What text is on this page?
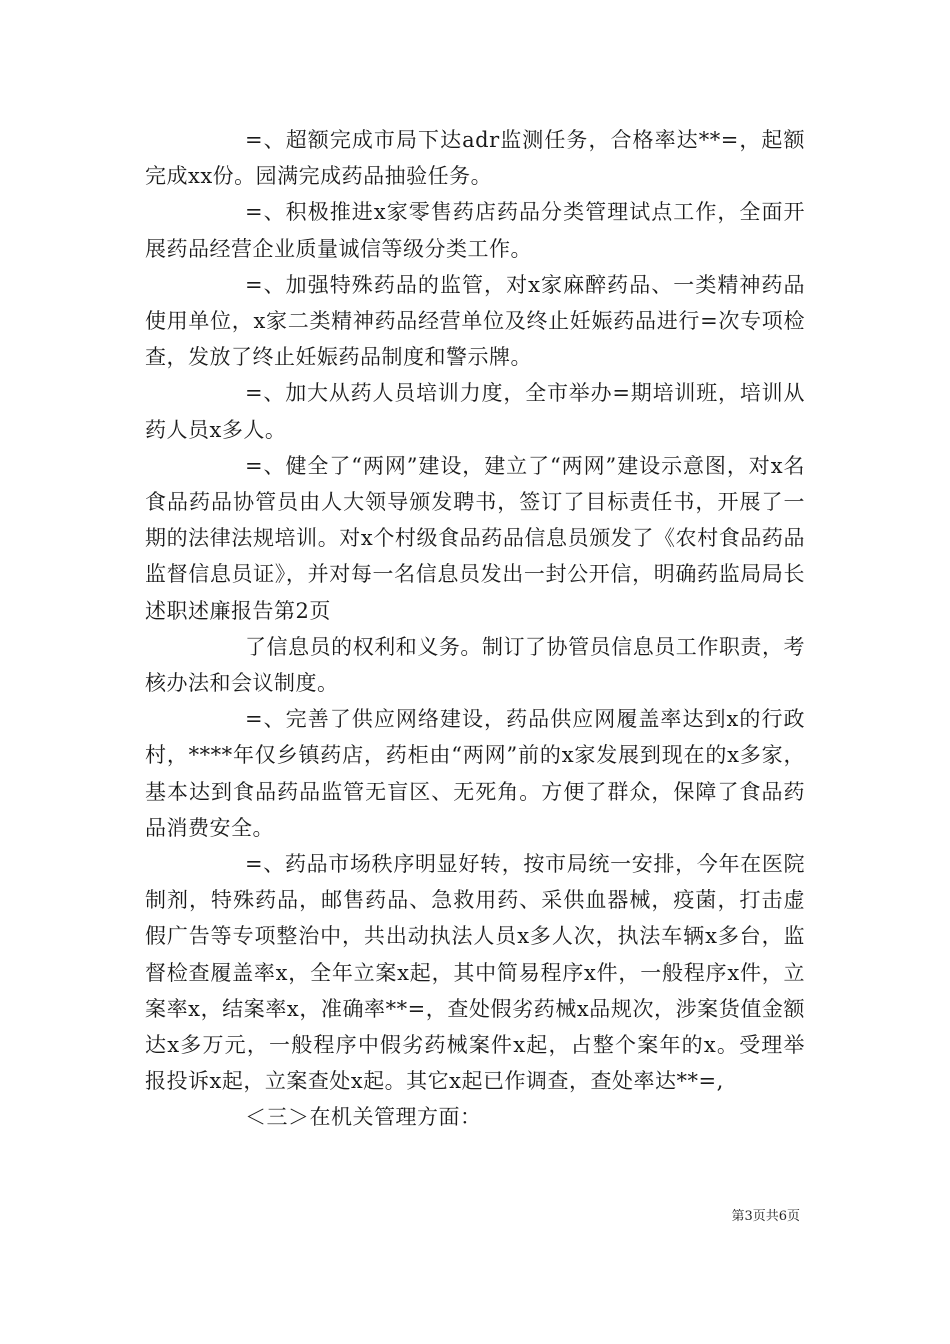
=、超额完成市局下达adr监测任务，合格率达**=，起额完成xx份。园满完成药品抽验任务。

=、积极推进x家零售药店药品分类管理试点工作，全面开展药品经营企业质量诚信等级分类工作。

=、加强特殊药品的监管，对x家麻醉药品、一类精神药品使用单位，x家二类精神药品经营单位及终止妊娠药品进行=次专项检查，发放了终止妊娠药品制度和警示牌。

=、加大从药人员培训力度，全市举办=期培训班，培训从药人员x多人。

=、健全了“两网”建设，建立了“两网”建设示意图，对x名食品药品协管员由人大领导颁发聘书，签订了目标责任书，开展了一期的法律法规培训。对x个村级食品药品信息员颁发了《农村食品药品监督信息员证》，并对每一名信息员发出一封公开信，明确药监局局长述职述廉报告第2页

了信息员的权利和义务。制订了协管员信息员工作职责，考核办法和会议制度。

=、完善了供应网络建设，药品供应网履盖率达到x的行政村，****年仅乡镇药店，药柜由“两网”前的x家发展到现在的x多家，基本达到食品药品监管无盲区、无死角。方便了群众，保障了食品药品消费安全。

=、药品市场秩序明显好转，按市局统一安排，今年在医院制剂，特殊药品，邮售药品、急救用药、采供血器械，疫菌，打击虚假广告等专项整治中，共出动执法人员x多人次，执法车辆x多台，监督检查履盖率x，全年立案x起，其中简易程序x件，一般程序x件，立案率x，结案率x，准确率**=，查处假劣药械x品规次，涉案货值金额达x多万元，一般程序中假劣药械案件x起，占整个案年的x。受理举报投诉x起，立案查处x起。其它x起已作调查，查处率达**=,

＜三＞在机关管理方面：

第3页共6页
